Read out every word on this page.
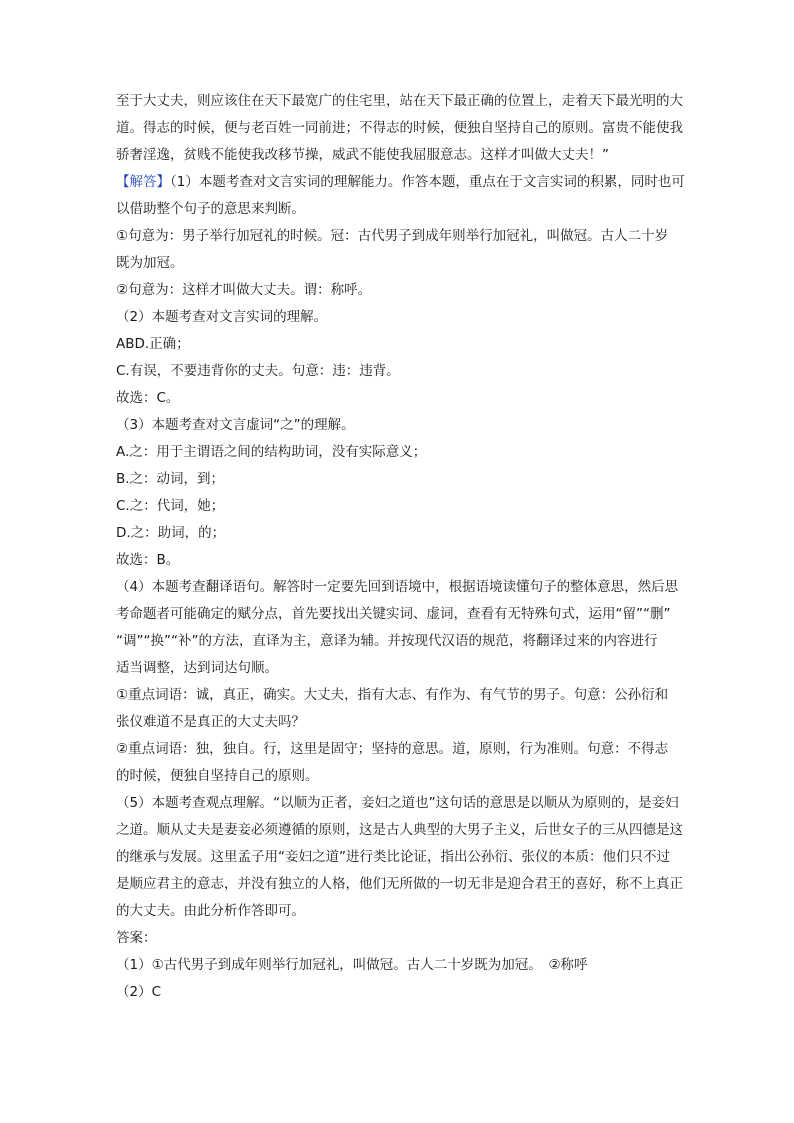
至于大丈夫，则应该住在天下最宽广的住宅里，站在天下最正确的位置上，走着天下最光明的大
道。得志的时候，便与老百姓一同前进；不得志的时候，便独自坚持自己的原则。富贵不能使我
骄奢淫逸，贫贱不能使我改移节操，威武不能使我屈服意志。这样才叫做大丈夫！”
【解答】（1）本题考查对文言实词的理解能力。作答本题，重点在于文言实词的积累，同时也可
以借助整个句子的意思来判断。
①句意为：男子举行加冠礼的时候。冠：古代男子到成年则举行加冠礼，叫做冠。古人二十岁
既为加冠。
②句意为：这样才叫做大丈夫。谓：称呼。
（2）本题考查对文言实词的理解。
ABD.正确；
C.有误，不要违背你的丈夫。句意：违：违背。
故选：C。
（3）本题考查对文言虚词“之”的理解。
A.之：用于主谓语之间的结构助词，没有实际意义；
B.之：动词，到；
C.之：代词，她；
D.之：助词，的；
故选：B。
（4）本题考查翻译语句。解答时一定要先回到语境中，根据语境读懂句子的整体意思，然后思
考命题者可能确定的赋分点，首先要找出关键实词、虚词，查看有无特殊句式，运用“留”“删”
“调”“换”“补”的方法，直译为主，意译为辅。并按现代汉语的规范，将翻译过来的内容进行
适当调整，达到词达句顺。
①重点词语：诚，真正，确实。大丈夫，指有大志、有作为、有气节的男子。句意：公孙衍和
张仪难道不是真正的大丈夫吗？
②重点词语：独，独自。行，这里是固守；坚持的意思。道，原则，行为准则。句意：不得志
的时候，便独自坚持自己的原则。
（5）本题考查观点理解。“以顺为正者，妾妇之道也”这句话的意思是以顺从为原则的，是妾妇
之道。顺从丈夫是妻妾必须遵循的原则，这是古人典型的大男子主义，后世女子的三从四德是这
的继承与发展。这里孟子用“妾妇之道”进行类比论证，指出公孙衍、张仪的本质：他们只不过
是顺应君主的意志，并没有独立的人格，他们无所做的一切无非是迎合君王的喜好，称不上真正
的大丈夫。由此分析作答即可。
答案：
（1）①古代男子到成年则举行加冠礼，叫做冠。古人二十岁既为加冠。　②称呼
（2）C
